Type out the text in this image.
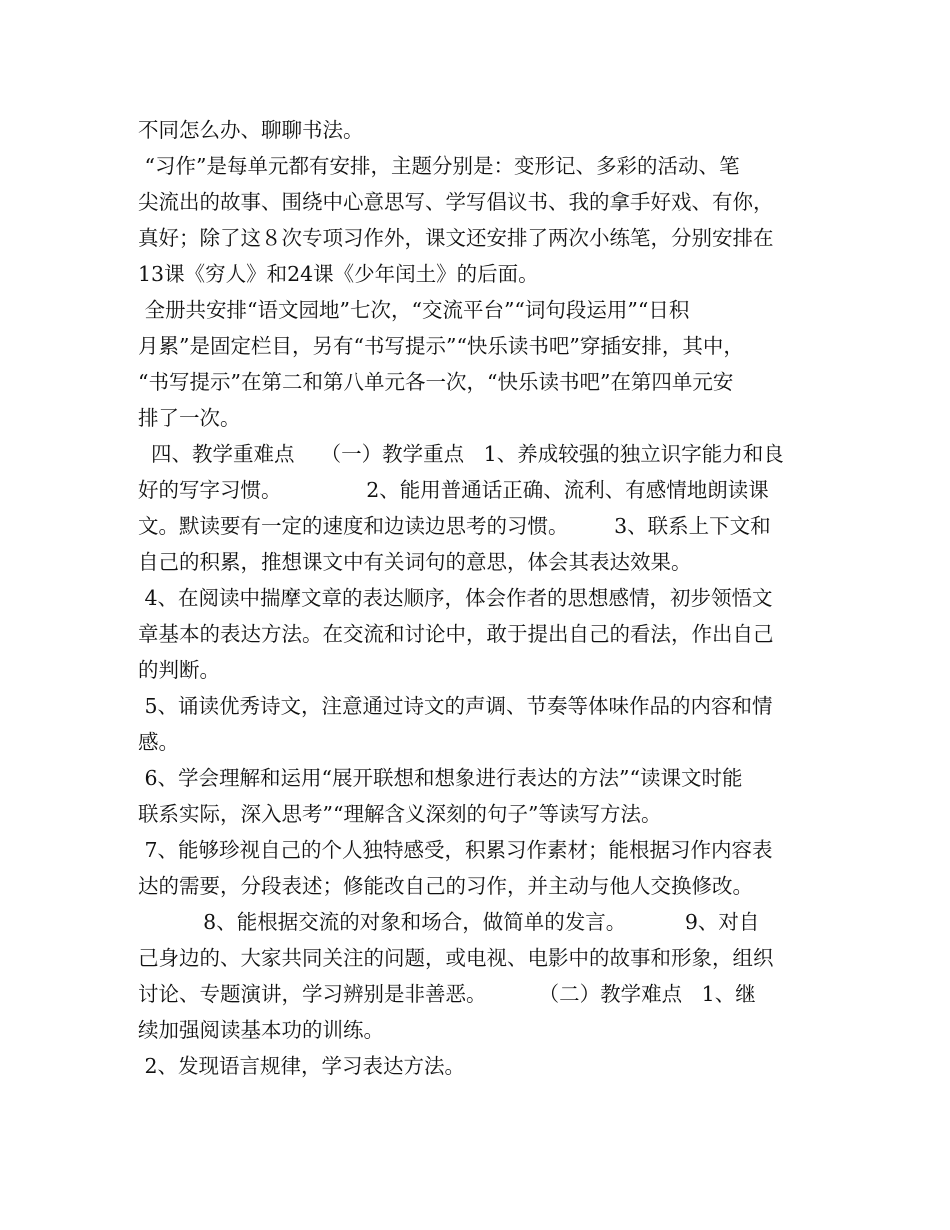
不同怎么办、聊聊书法。
“习作”是每单元都有安排，主题分别是：变形记、多彩的活动、笔
尖流出的故事、围绕中心意思写、学写倡议书、我的拿手好戏、有你，
真好；除了这８次专项习作外，课文还安排了两次小练笔，分别安排在
13课《穷人》和24课《少年闰土》的后面。
全册共安排“语文园地”七次，“交流平台”“词句段运用”“日积
月累”是固定栏目，另有“书写提示”“快乐读书吧”穿插安排，其中，
“书写提示”在第二和第八单元各一次，“快乐读书吧”在第四单元安
排了一次。
四、教学重难点    （一）教学重点   1、养成较强的独立识字能力和良
好的写字习惯。             2、能用普通话正确、流利、有感情地朗读课
文。默读要有一定的速度和边读边思考的习惯。       3、联系上下文和
自己的积累，推想课文中有关词句的意思，体会其表达效果。
4、在阅读中揣摩文章的表达顺序，体会作者的思想感情，初步领悟文
章基本的表达方法。在交流和讨论中，敢于提出自己的看法，作出自己
的判断。
5、诵读优秀诗文，注意通过诗文的声调、节奏等体味作品的内容和情
感。
6、学会理解和运用“展开联想和想象进行表达的方法”“读课文时能
联系实际，深入思考”“理解含义深刻的句子”等读写方法。
7、能够珍视自己的个人独特感受，积累习作素材；能根据习作内容表
达的需要，分段表述；修能改自己的习作，并主动与他人交换修改。
8、能根据交流的对象和场合，做简单的发言。         9、对自
己身边的、大家共同关注的问题，或电视、电影中的故事和形象，组织
讨论、专题演讲，学习辨别是非善恶。        （二）教学难点   1、继
续加强阅读基本功的训练。
2、发现语言规律，学习表达方法。
